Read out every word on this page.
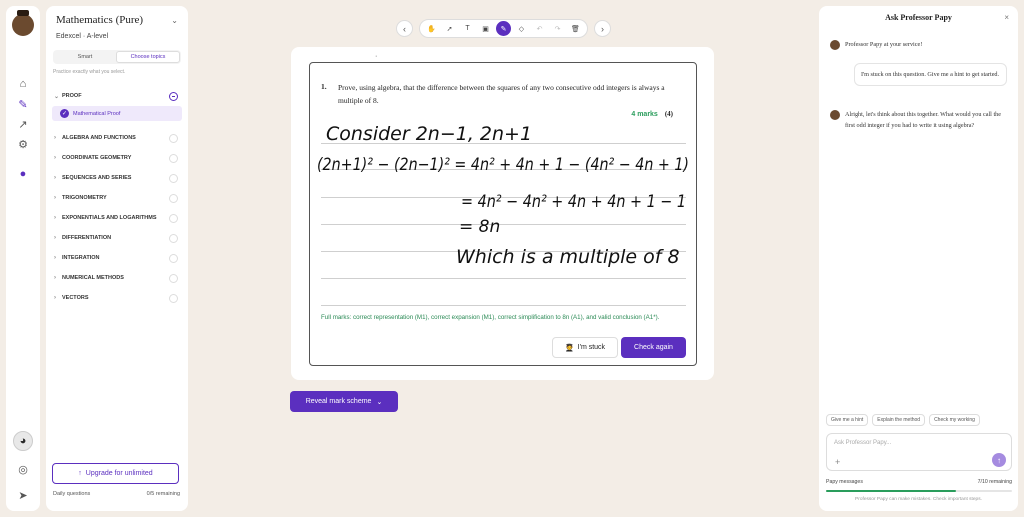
⌂
✎
↗
⚙
●
◕
◎
➤
Mathematics (Pure)	⌄
Edexcel · A-level
Smart	Choose topics
Practice exactly what you select.
⌄ PROOF
✓	Mathematical Proof
›	ALGEBRA AND FUNCTIONS
›	COORDINATE GEOMETRY
›	SEQUENCES AND SERIES
›	TRIGONOMETRY
›	EXPONENTIALS AND LOGARITHMS
›	DIFFERENTIATION
›	INTEGRATION
›	NUMERICAL METHODS
›	VECTORS
↑ Upgrade for unlimited
Daily questions	0/5 remaining
‹	✋	➚	T	▣	✎	◇	↶	↷	🗑	›
·
1. Prove, using algebra, that the difference between the squares of any two consecutive odd integers is always a multiple of 8.
4 marks (4)
Consider 2n−1, 2n+1
(2n+1)² − (2n−1)² = 4n² + 4n + 1 − (4n² − 4n + 1)
= 4n² − 4n² + 4n + 4n + 1 − 1
= 8n
Which is a multiple of 8
Full marks: correct representation (M1), correct expansion (M1), correct simplification to 8n (A1), and valid conclusion (A1*).
🧑‍🎓 I'm stuck	Check again
Reveal mark scheme ⌄
Ask Professor Papy	×
Professor Papy at your service!
I'm stuck on this question. Give me a hint to get started.
Alright, let's think about this together. What would you call the first odd integer if you had to write it using algebra?
Give me a hint	Explain the method	Check my working
Ask Professor Papy...
+	↑
Papy messages	7/10 remaining
Professor Papy can make mistakes. Check important steps.
